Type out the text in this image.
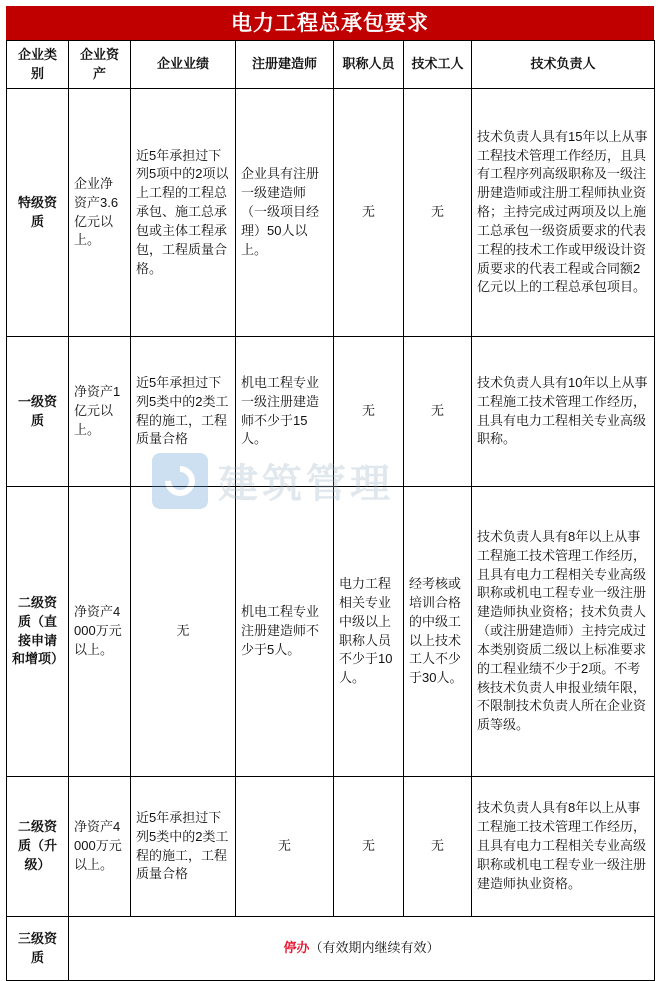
电力工程总承包要求
企业类别	企业资产	企业业绩	注册建造师	职称人员	技术工人	技术负责人
特级资质	企业净资产3.6亿元以上。	近5年承担过下列5项中的2项以上工程的工程总承包、施工总承包或主体工程承包，工程质量合格。	企业具有注册一级建造师（一级项目经理）50人以上。	无	无	技术负责人具有15年以上从事工程技术管理工作经历，且具有工程序列高级职称及一级注册建造师或注册工程师执业资格；主持完成过两项及以上施工总承包一级资质要求的代表工程的技术工作或甲级设计资质要求的代表工程或合同额2亿元以上的工程总承包项目。
一级资质	净资产1亿元以上。	近5年承担过下列5类中的2类工程的施工，工程质量合格	机电工程专业一级注册建造师不少于15人。	无	无	技术负责人具有10年以上从事工程施工技术管理工作经历，且具有电力工程相关专业高级职称。
二级资质（直接申请和增项）	净资产4000万元以上。	无	机电工程专业注册建造师不少于5人。	电力工程相关专业中级以上职称人员不少于10人。	经考核或培训合格的中级工以上技术工人不少于30人。	技术负责人具有8年以上从事工程施工技术管理工作经历，且具有电力工程相关专业高级职称或机电工程专业一级注册建造师执业资格；技术负责人（或注册建造师）主持完成过本类别资质二级以上标准要求的工程业绩不少于2项。不考核技术负责人申报业绩年限，不限制技术负责人所在企业资质等级。
二级资质（升级）	净资产4000万元以上。	近5年承担过下列5类中的2类工程的施工，工程质量合格	无	无	无	技术负责人具有8年以上从事工程施工技术管理工作经历，且具有电力工程相关专业高级职称或机电工程专业一级注册建造师执业资格。
三级资质	停办（有效期内继续有效）					
建筑管理
